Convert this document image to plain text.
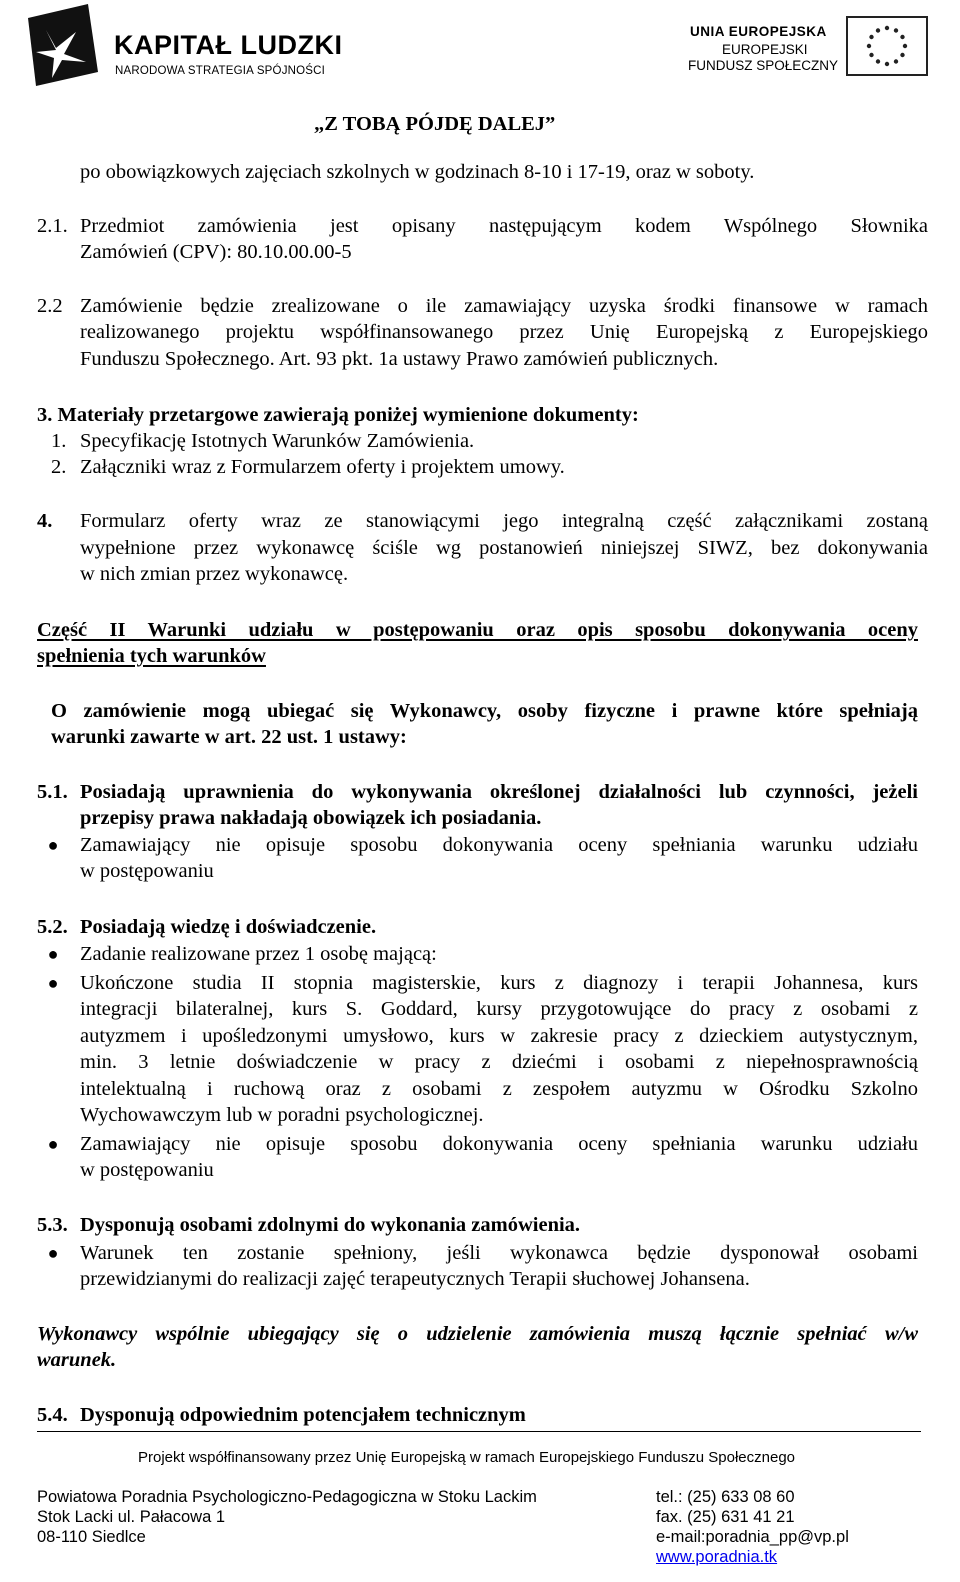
KAPITAŁ LUDZKI
NARODOWA STRATEGIA SPÓJNOŚCI
UNIA EUROPEJSKA
EUROPEJSKI
FUNDUSZ SPOŁECZNY
„Z TOBĄ PÓJDĘ DALEJ”
po obowiązkowych zajęciach szkolnych w godzinach 8-10 i 17-19, oraz w soboty.
2.1. Przedmiot zamówienia jest opisany następującym kodem Wspólnego Słownika
Zamówień (CPV): 80.10.00.00-5
2.2 Zamówienie będzie zrealizowane o ile zamawiający uzyska środki finansowe w ramach
realizowanego projektu współfinansowanego przez Unię Europejską z Europejskiego
Funduszu Społecznego. Art. 93 pkt. 1a ustawy Prawo zamówień publicznych.
3. Materiały przetargowe zawierają poniżej wymienione dokumenty:
1. Specyfikację Istotnych Warunków Zamówienia.
2. Załączniki wraz z Formularzem oferty i projektem umowy.
4. Formularz oferty wraz ze stanowiącymi jego integralną część załącznikami zostaną
wypełnione przez wykonawcę ściśle wg postanowień niniejszej SIWZ, bez dokonywania
w nich zmian przez wykonawcę.
Część II Warunki udziału w postępowaniu oraz opis sposobu dokonywania oceny
spełnienia tych warunków
O zamówienie mogą ubiegać się Wykonawcy, osoby fizyczne i prawne które spełniają
warunki zawarte w art. 22 ust. 1 ustawy:
5.1. Posiadają uprawnienia do wykonywania określonej działalności lub czynności, jeżeli
przepisy prawa nakładają obowiązek ich posiadania.
● Zamawiający nie opisuje sposobu dokonywania oceny spełniania warunku udziału
w postępowaniu
5.2. Posiadają wiedzę i doświadczenie.
● Zadanie realizowane przez 1 osobę mającą:
● Ukończone studia II stopnia magisterskie, kurs z diagnozy i terapii Johannesa, kurs
integracji bilateralnej, kurs S. Goddard, kursy przygotowujące do pracy z osobami z
autyzmem i upośledzonymi umysłowo, kurs w zakresie pracy z dzieckiem autystycznym,
min. 3 letnie doświadczenie w pracy z dziećmi i osobami z niepełnosprawnością
intelektualną i ruchową oraz z osobami z zespołem autyzmu w Ośrodku Szkolno
Wychowawczym lub w poradni psychologicznej.
● Zamawiający nie opisuje sposobu dokonywania oceny spełniania warunku udziału
w postępowaniu
5.3. Dysponują osobami zdolnymi do wykonania zamówienia.
● Warunek ten zostanie spełniony, jeśli wykonawca będzie dysponował osobami
przewidzianymi do realizacji zajęć terapeutycznych Terapii słuchowej Johansena.
Wykonawcy wspólnie ubiegający się o udzielenie zamówienia muszą łącznie spełniać w/w
warunek.
5.4. Dysponują odpowiednim potencjałem technicznym
Projekt współfinansowany przez Unię Europejską w ramach Europejskiego Funduszu Społecznego
Powiatowa Poradnia Psychologiczno-Pedagogiczna w Stoku Lackim
Stok Lacki ul. Pałacowa 1
08-110 Siedlce
tel.: (25) 633 08 60
fax. (25) 631 41 21
e-mail:poradnia_pp@vp.pl
www.poradnia.tk
